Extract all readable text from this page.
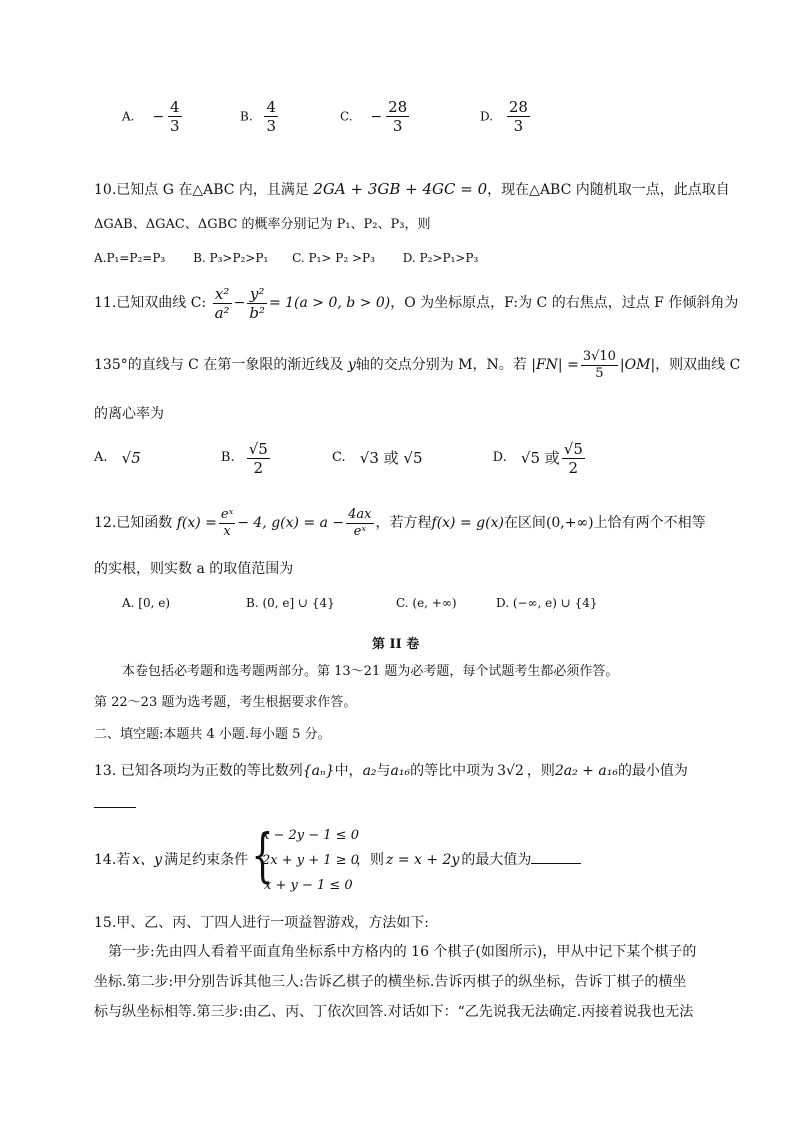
A. − $\frac{4}{3}$	B. $\frac{4}{3}$	C. − $\frac{28}{3}$	D. $\frac{28}{3}$
10.已知点 G 在△ABC 内，且满足 2GA + 3GB + 4GC = 0，现在△ABC 内随机取一点，此点取自
ΔGAB、ΔGAC、ΔGBC 的概率分别记为 P₁、P₂、P₃，则
A.P₁=P₂=P₃ B. P₃>P₂>P₁ C. P₁> P₂ >P₃ D. P₂>P₁>P₃
11.已知双曲线 C: $\frac{\text{x²}}{\text{a²}} - \frac{\text{y²}}{\text{b²}} = 1(a > 0$, b > 0)，O 为坐标原点，F:为 C 的右焦点，过点 F 作倾斜角为
135°的直线与 C 在第一象限的渐近线及 y轴的交点分别为 M，N。若 $|FN| = \frac{3√10}{5} |OM|$，则双曲线 C
的离心率为
A. √5	B. $\frac{√5}{2}$	C. √3 或 √5	D. √5 或 $\frac{√5}{2}$
12.已知函数 $f(x) = \frac{\text{eˣ}}{x} - 4$, $g(x) = a - \frac{4ax}{\text{eˣ}}$ ，若方程f(x) = g(x)在区间(0,+∞)上恰有两个不相等
的实根，则实数 a 的取值范围为
A. [0, e)	B. (0, e] ∪ {4}	C. (e, +∞)	D. (−∞, e) ∪ {4}
第 II 卷
本卷包括必考题和选考题两部分。第 13～21 题为必考题，每个试题考生都必须作答。
第 22～23 题为选考题，考生根据要求作答。
二、填空题:本题共 4 小题.每小题 5 分。
13. 已知各项均为正数的等比数列{aₙ}中，a₂与a₁₆的等比中项为 3√2 ，则2a₂ + a₁₆的最小值为
14.若 x、y 满足约束条件 {
x − 2y − 1 ≤ 0
2x + y + 1 ≥ 0
x + y − 1 ≤ 0
，则 z = x + 2y 的最大值为
15.甲、乙、丙、丁四人进行一项益智游戏，方法如下:
第一步:先由四人看着平面直角坐标系中方格内的 16 个棋子(如图所示)，甲从中记下某个棋子的
坐标.第二步:甲分别告诉其他三人:告诉乙棋子的横坐标.告诉丙棋子的纵坐标，告诉丁棋子的横坐
标与纵坐标相等.第三步:由乙、丙、丁依次回答.对话如下：“乙先说我无法确定.丙接着说我也无法
